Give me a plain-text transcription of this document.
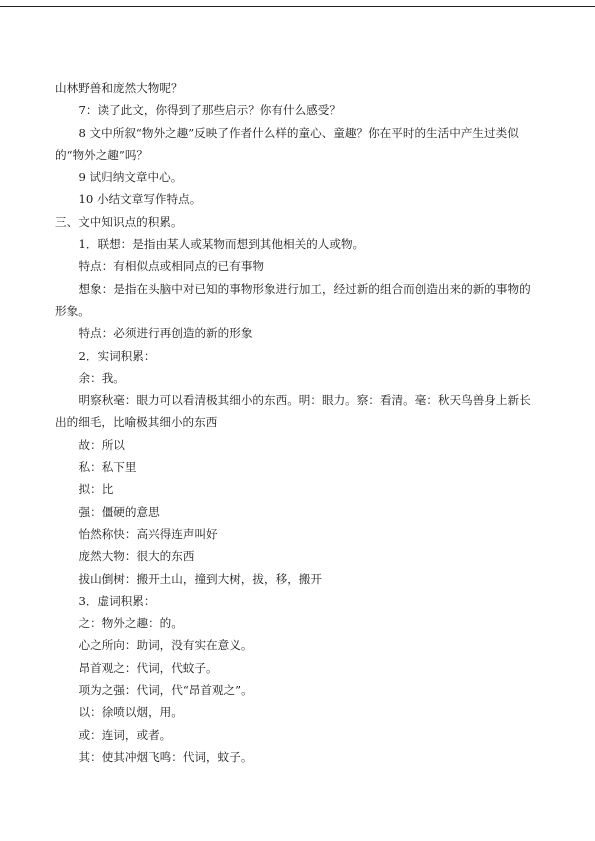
山林野兽和庞然大物呢？
7：读了此文，你得到了那些启示？你有什么感受？
8 文中所叙“物外之趣”反映了作者什么样的童心、童趣？你在平时的生活中产生过类似的“物外之趣”吗？
9 试归纳文章中心。
10 小结文章写作特点。
三、文中知识点的积累。
1．联想：是指由某人或某物而想到其他相关的人或物。
特点：有相似点或相同点的已有事物
想象：是指在头脑中对已知的事物形象进行加工，经过新的组合而创造出来的新的事物的形象。
特点：必须进行再创造的新的形象
2．实词积累：
余：我。
明察秋毫：眼力可以看清极其细小的东西。明：眼力。察：看清。毫：秋天鸟兽身上新长出的细毛，比喻极其细小的东西
故：所以
私：私下里
拟：比
强：僵硬的意思
怡然称快：高兴得连声叫好
庞然大物：很大的东西
拔山倒树：搬开土山，撞到大树，拔，移，搬开
3．虚词积累：
之：物外之趣：的。
心之所向：助词，没有实在意义。
昂首观之：代词，代蚊子。
项为之强：代词，代“昂首观之”。
以：徐喷以烟，用。
或：连词，或者。
其：使其冲烟飞鸣：代词，蚊子。
